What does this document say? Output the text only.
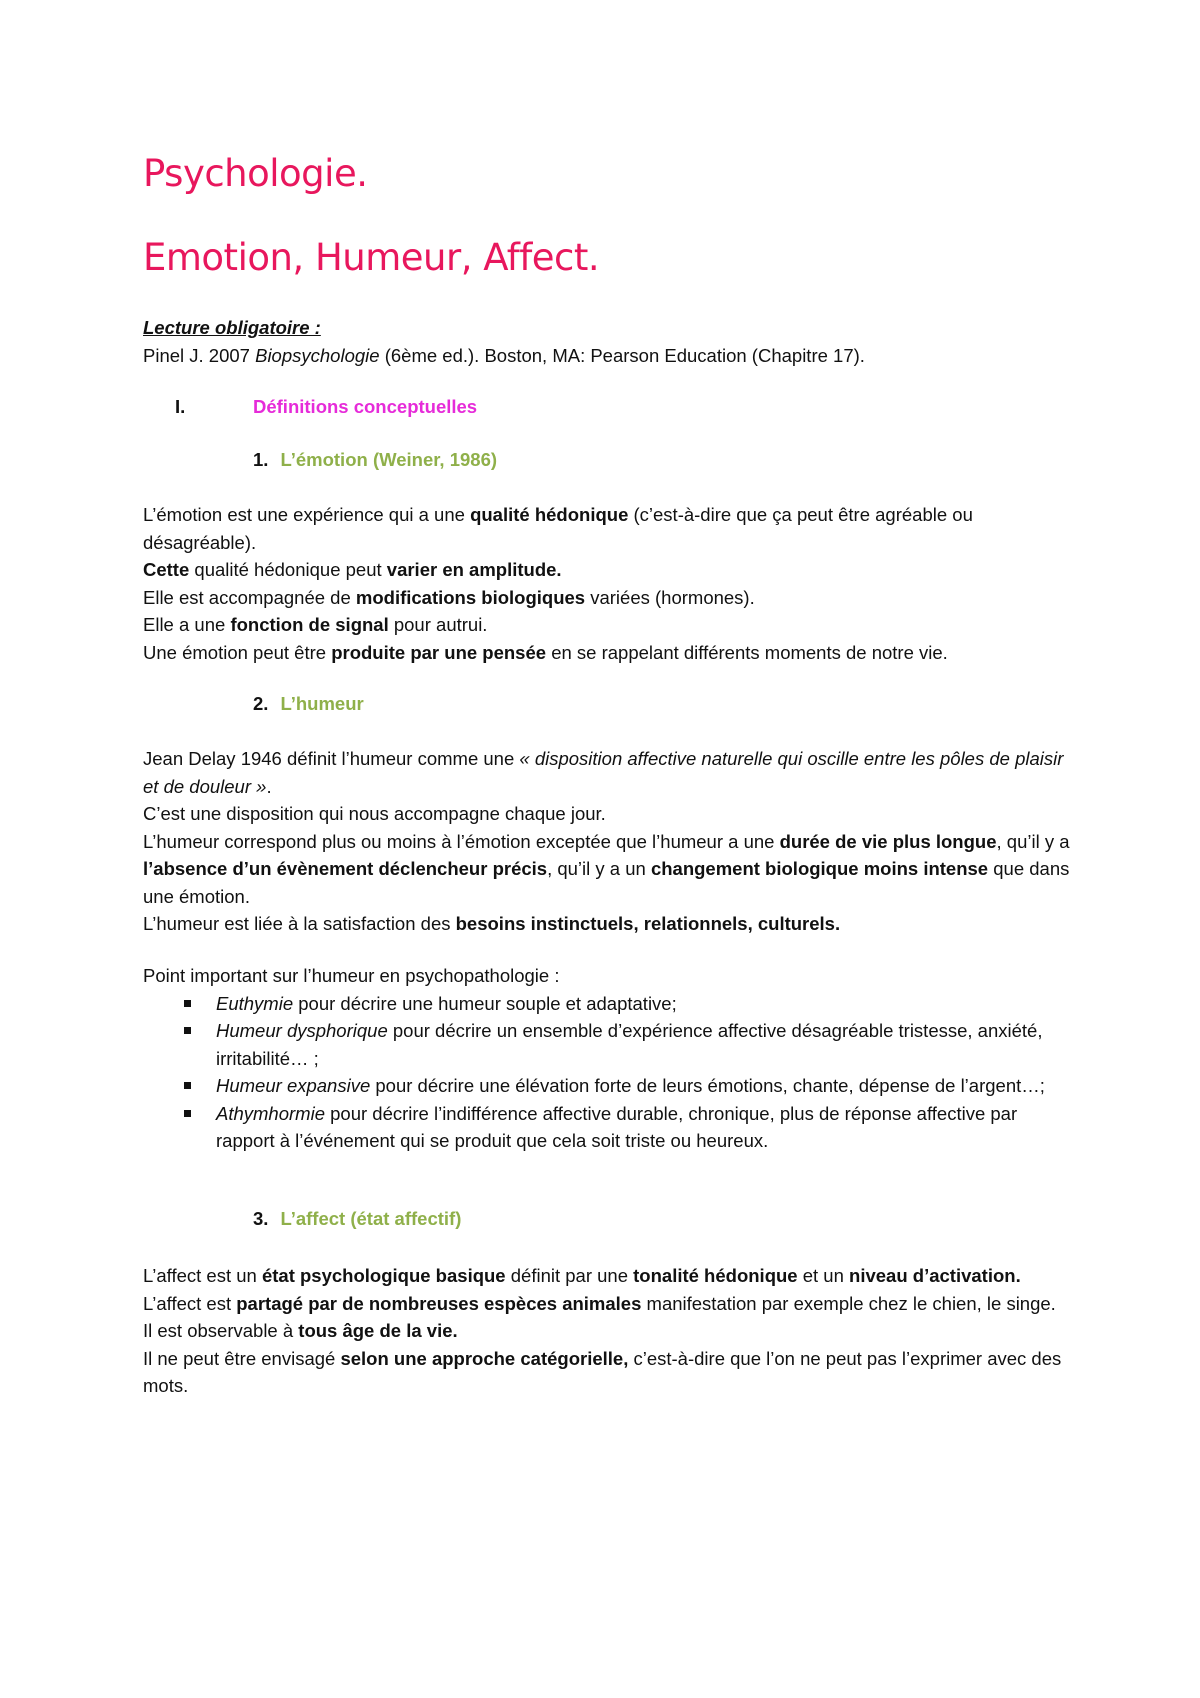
Psychologie.
Emotion, Humeur, Affect.

Lecture obligatoire :

Pinel J. 2007 Biopsychologie (6ème ed.). Boston, MA: Pearson Education (Chapitre 17).

I.	Définitions conceptuelles
1. L’émotion (Weiner, 1986)

L’émotion est une expérience qui a une qualité hédonique (c’est-à-dire que ça peut être agréable ou désagréable).

Cette qualité hédonique peut varier en amplitude.

Elle est accompagnée de modifications biologiques variées (hormones).

Elle a une fonction de signal pour autrui.

Une émotion peut être produite par une pensée en se rappelant différents moments de notre vie.

2. L’humeur

Jean Delay 1946 définit l’humeur comme une « disposition affective naturelle qui oscille entre les pôles de plaisir et de douleur ».

C’est une disposition qui nous accompagne chaque jour.

L’humeur correspond plus ou moins à l’émotion exceptée que l’humeur a une durée de vie plus longue, qu’il y a l’absence d’un évènement déclencheur précis, qu’il y a un changement biologique moins intense que dans une émotion.

L’humeur est liée à la satisfaction des besoins instinctuels, relationnels, culturels.

Point important sur l’humeur en psychopathologie :

Euthymie pour décrire une humeur souple et adaptative;
Humeur dysphorique pour décrire un ensemble d’expérience affective désagréable tristesse, anxiété, irritabilité… ;
Humeur expansive pour décrire une élévation forte de leurs émotions, chante, dépense de l’argent…;
Athymhormie pour décrire l’indifférence affective durable, chronique, plus de réponse affective par rapport à l’événement qui se produit que cela soit triste ou heureux.
3. L’affect (état affectif)

L’affect est un état psychologique basique définit par une tonalité hédonique et un niveau d’activation.

L’affect est partagé par de nombreuses espèces animales manifestation par exemple chez le chien, le singe.

Il est observable à tous âge de la vie.

Il ne peut être envisagé selon une approche catégorielle, c’est-à-dire que l’on ne peut pas l’exprimer avec des mots.
